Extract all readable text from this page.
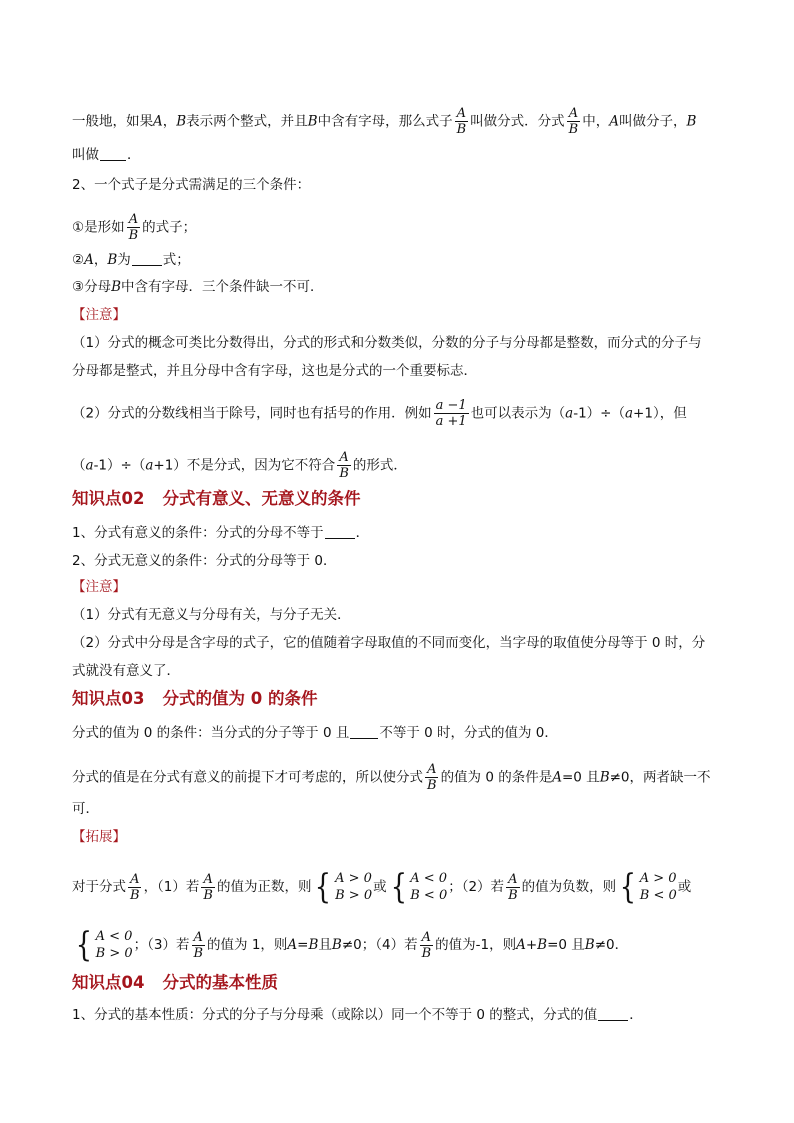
一般地，如果A，B表示两个整式，并且B中含有字母，那么式子 $\frac{A}{B}$ 叫做分式．分式 $\frac{A}{B}$ 中，A叫做分子，B
叫做 ．
2、一个式子是分式需满足的三个条件：
①是形如 $\frac{A}{B}$ 的式子；
②A，B为 式；
③分母B中含有字母．三个条件缺一不可．
【注意】
（1）分式的概念可类比分数得出，分式的形式和分数类似，分数的分子与分母都是整数，而分式的分子与
分母都是整式，并且分母中含有字母，这也是分式的一个重要标志．
（2）分式的分数线相当于除号，同时也有括号的作用．例如 $\frac{a -1}{a +1}$ 也可以表示为（a-1）÷（a+1），但
（a-1）÷（a+1）不是分式，因为它不符合 $\frac{A}{B}$ 的形式．
知识点02 分式有意义、无意义的条件
1、分式有意义的条件：分式的分母不等于 ．
2、分式无意义的条件：分式的分母等于 0．
【注意】
（1）分式有无意义与分母有关，与分子无关．
（2）分式中分母是含字母的式子，它的值随着字母取值的不同而变化，当字母的取值使分母等于 0 时，分
式就没有意义了．
知识点03 分式的值为 0 的条件
分式的值为 0 的条件：当分式的分子等于 0 且 不等于 0 时，分式的值为 0．
分式的值是在分式有意义的前提下才可考虑的，所以使分式 $\frac{A}{B}$ 的值为 0 的条件是A=0 且B≠0，两者缺一不
可．
【拓展】
对于分式 $\frac{A}{B}$ ，（1）若 $\frac{A}{B}$ 的值为正数，则 { A > 0
B > 0
或 { A < 0
B < 0
；（2）若 $\frac{A}{B}$ 的值为负数，则 { A > 0
B < 0
或
{ A < 0
B > 0
；（3）若 $\frac{A}{B}$ 的值为 1，则A=B且B≠0；（4）若 $\frac{A}{B}$ 的值为-1，则A+B=0 且B≠0．
知识点04 分式的基本性质
1、分式的基本性质：分式的分子与分母乘（或除以）同一个不等于 0 的整式，分式的值 ．
